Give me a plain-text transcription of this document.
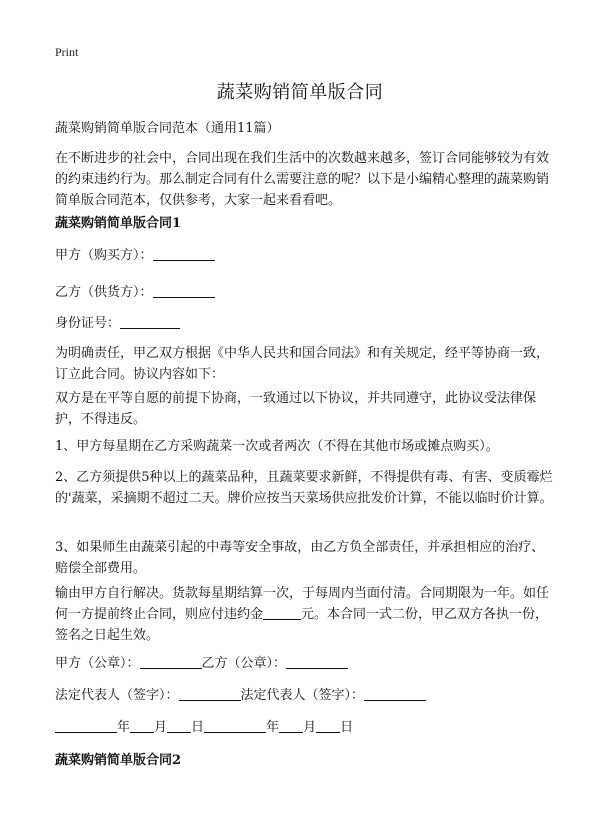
Print
蔬菜购销简单版合同
蔬菜购销简单版合同范本（通用11篇）
在不断进步的社会中，合同出现在我们生活中的次数越来越多，签订合同能够较为有效的约束违约行为。那么制定合同有什么需要注意的呢？以下是小编精心整理的蔬菜购销简单版合同范本，仅供参考，大家一起来看看吧。
蔬菜购销简单版合同1
甲方（购买方）：
乙方（供货方）：
身份证号：
为明确责任，甲乙双方根据《中华人民共和国合同法》和有关规定，经平等协商一致，订立此合同。协议内容如下：
双方是在平等自愿的前提下协商，一致通过以下协议，并共同遵守，此协议受法律保护，不得违反。
1、甲方每星期在乙方采购蔬菜一次或者两次（不得在其他市场或摊点购买）。
2、乙方须提供5种以上的蔬菜品种，且蔬菜要求新鲜，不得提供有毒、有害、变质霉烂的'蔬菜，采摘期不超过二天。牌价应按当天菜场供应批发价计算，不能以临时价计算。
3、如果师生由蔬菜引起的中毒等安全事故，由乙方负全部责任，并承担相应的治疗、赔偿全部费用。
输由甲方自行解决。货款每星期结算一次，于每周内当面付清。合同期限为一年。如任何一方提前终止合同，则应付违约金	元。本合同一式二份，甲乙双方各执一份，签名之日起生效。
甲方（公章）：	乙方（公章）：
法定代表人（签字）：	法定代表人（签字）：
年 月 日	年 月 日
蔬菜购销简单版合同2
